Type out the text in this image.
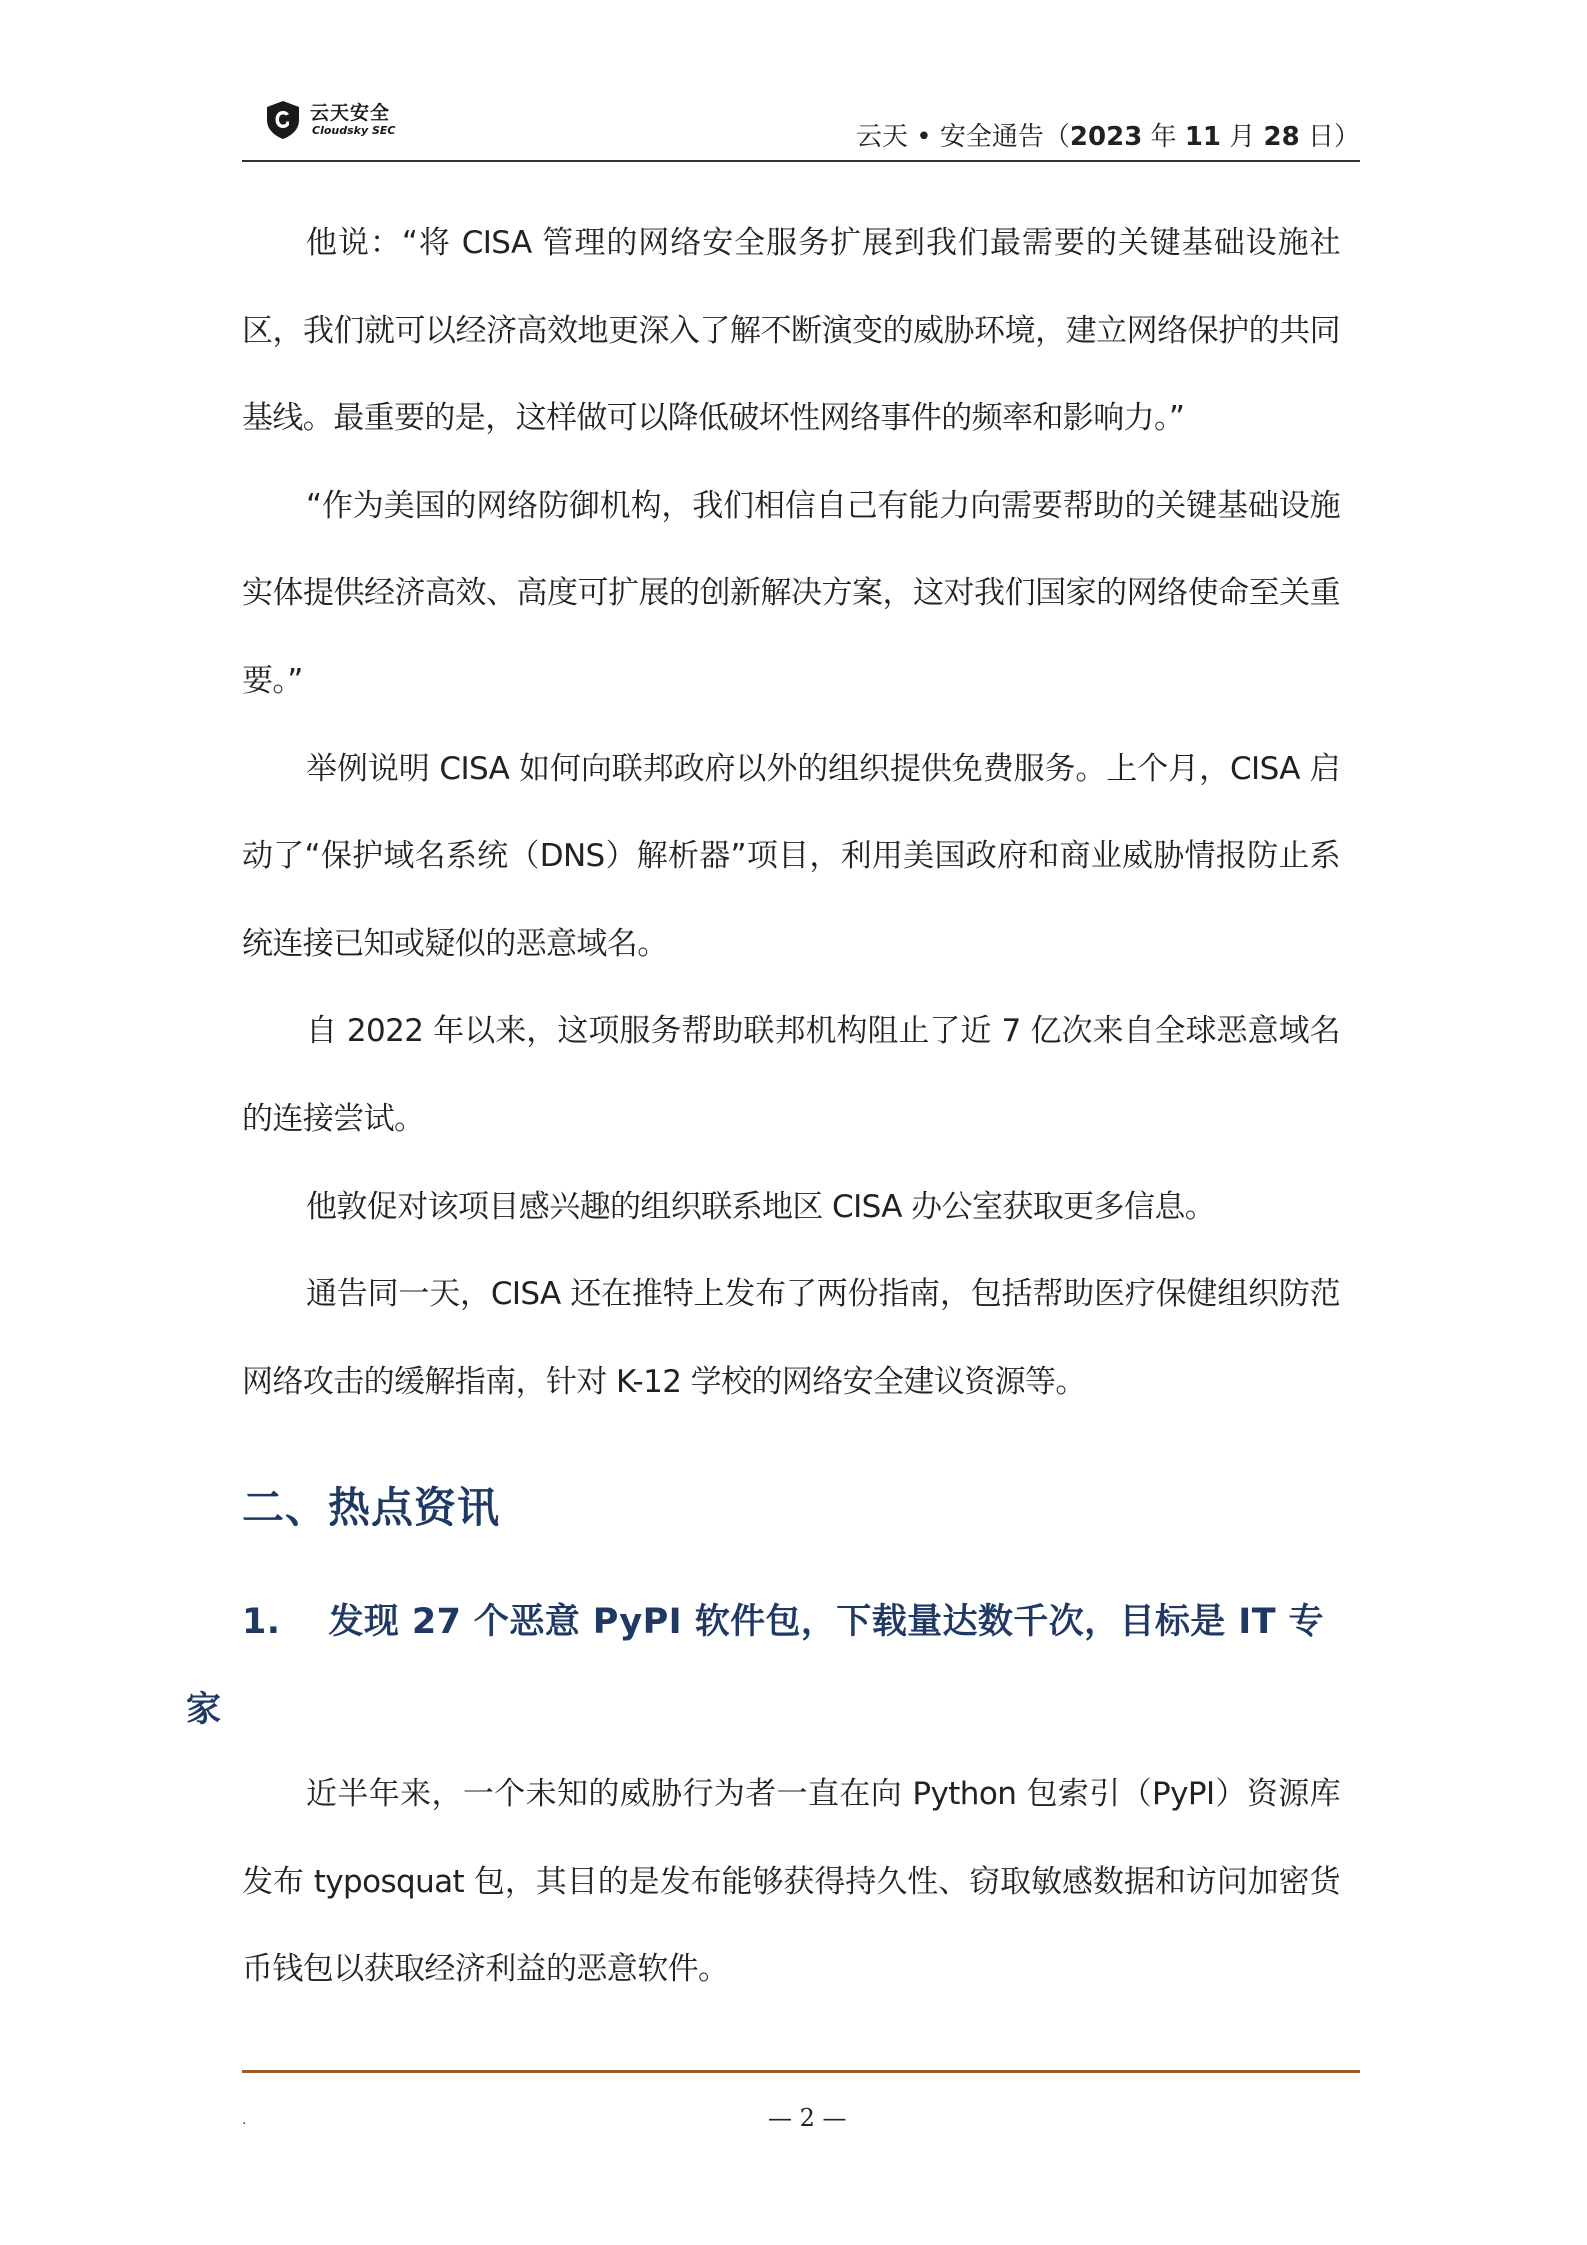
云天安全
Cloudsky SEC	云天 • 安全通告（2023 年 11 月 28 日）

他说：“将 CISA 管理的网络安全服务扩展到我们最需要的关键基础设施社区，我们就可以经济高效地更深入了解不断演变的威胁环境，建立网络保护的共同基线。最重要的是，这样做可以降低破坏性网络事件的频率和影响力。”

“作为美国的网络防御机构，我们相信自己有能力向需要帮助的关键基础设施实体提供经济高效、高度可扩展的创新解决方案，这对我们国家的网络使命至关重要。”

举例说明 CISA 如何向联邦政府以外的组织提供免费服务。上个月，CISA 启动了“保护域名系统（DNS）解析器”项目，利用美国政府和商业威胁情报防止系统连接已知或疑似的恶意域名。

自 2022 年以来，这项服务帮助联邦机构阻止了近 7 亿次来自全球恶意域名的连接尝试。

他敦促对该项目感兴趣的组织联系地区 CISA 办公室获取更多信息。

通告同一天，CISA 还在推特上发布了两份指南，包括帮助医疗保健组织防范网络攻击的缓解指南，针对 K-12 学校的网络安全建议资源等。

二、热点资讯
1. 发现 27 个恶意 PyPI 软件包，下载量达数千次，目标是 IT 专
家

近半年来，一个未知的威胁行为者一直在向 Python 包索引（PyPI）资源库发布 typosquat 包，其目的是发布能够获得持久性、窃取敏感数据和访问加密货币钱包以获取经济利益的恶意软件。

.	— 2 —
